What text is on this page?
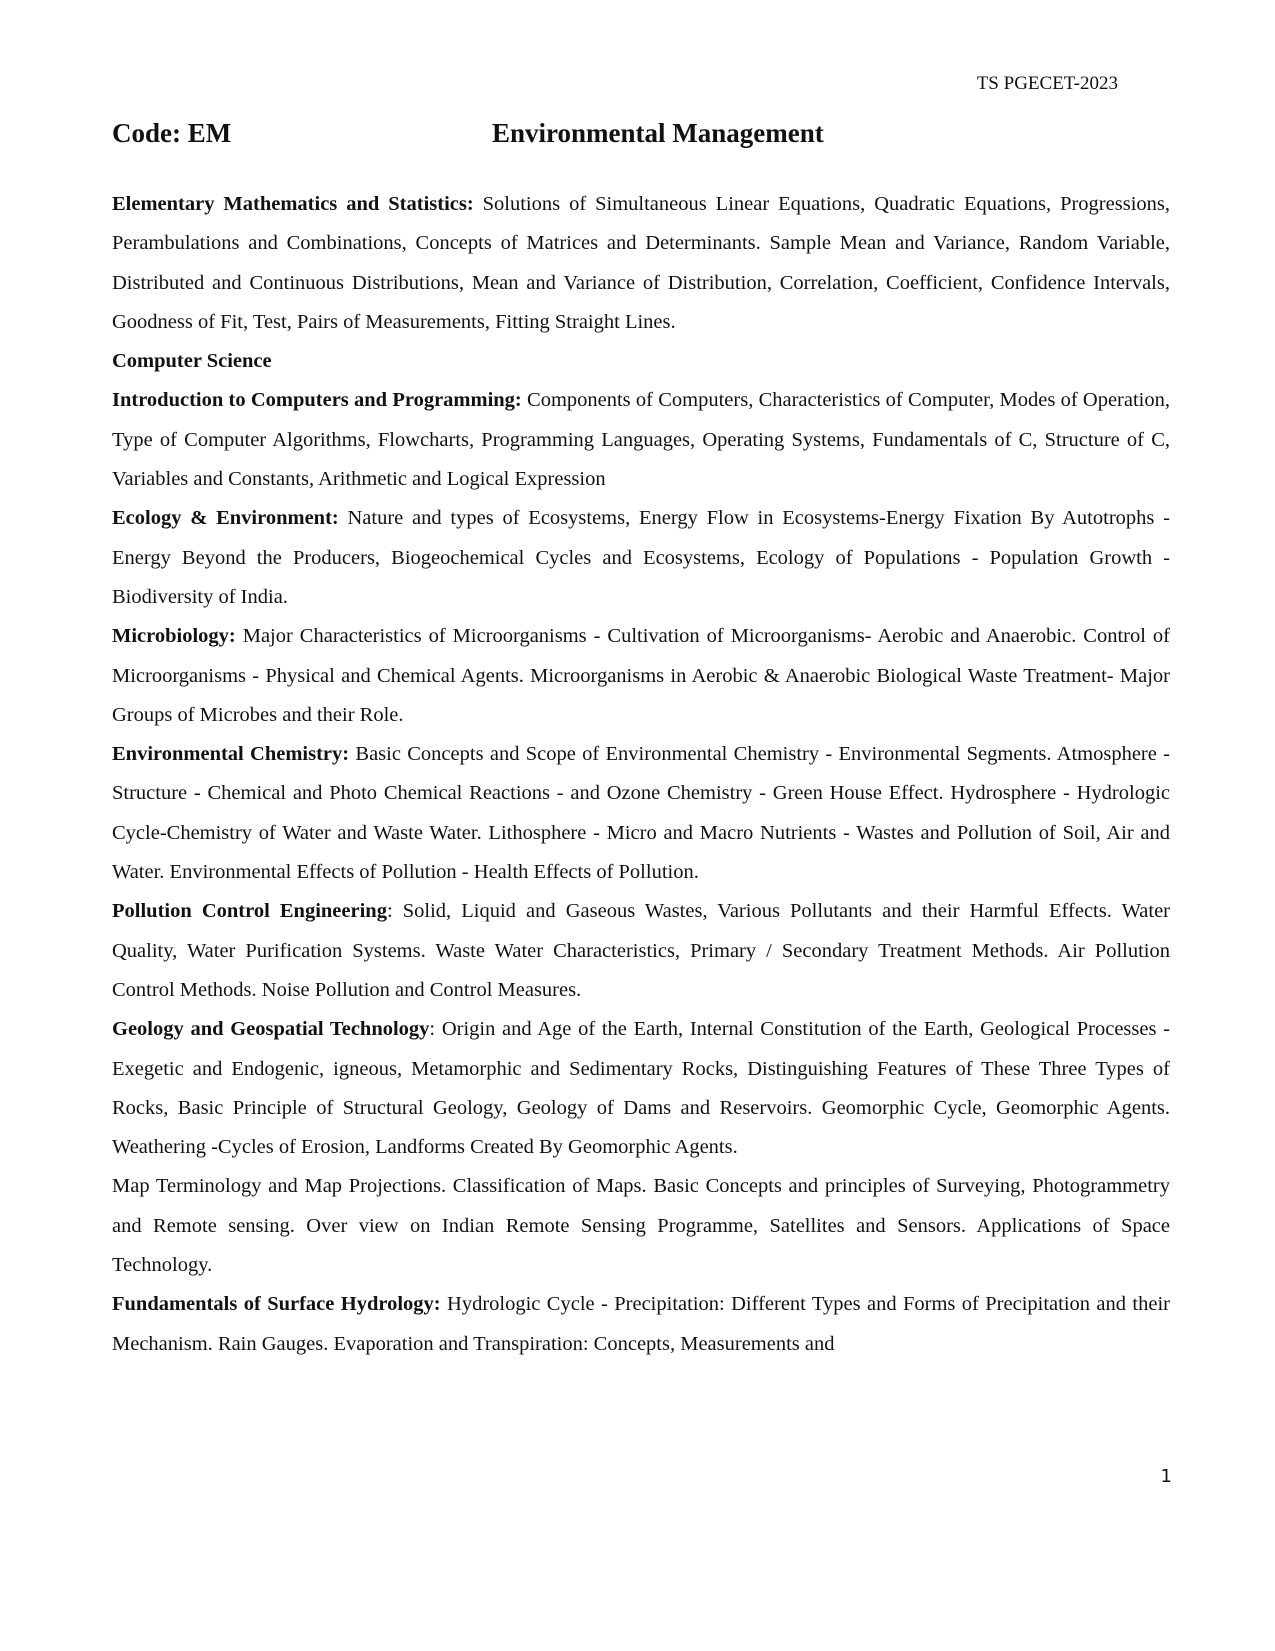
TS PGECET-2023
Code: EM	Environmental Management

Elementary Mathematics and Statistics: Solutions of Simultaneous Linear Equations, Quadratic Equations, Progressions, Perambulations and Combinations, Concepts of Matrices and Determinants. Sample Mean and Variance, Random Variable, Distributed and Continuous Distributions, Mean and Variance of Distribution, Correlation, Coefficient, Confidence Intervals, Goodness of Fit, Test, Pairs of Measurements, Fitting Straight Lines.

Computer Science

Introduction to Computers and Programming: Components of Computers, Characteristics of Computer, Modes of Operation, Type of Computer Algorithms, Flowcharts, Programming Languages, Operating Systems, Fundamentals of C, Structure of C, Variables and Constants, Arithmetic and Logical Expression

Ecology & Environment: Nature and types of Ecosystems, Energy Flow in Ecosystems-Energy Fixation By Autotrophs -Energy Beyond the Producers, Biogeochemical Cycles and Ecosystems, Ecology of Populations - Population Growth -Biodiversity of India.

Microbiology: Major Characteristics of Microorganisms - Cultivation of Microorganisms- Aerobic and Anaerobic. Control of Microorganisms - Physical and Chemical Agents. Microorganisms in Aerobic & Anaerobic Biological Waste Treatment- Major Groups of Microbes and their Role.

Environmental Chemistry: Basic Concepts and Scope of Environmental Chemistry - Environmental Segments. Atmosphere - Structure - Chemical and Photo Chemical Reactions - and Ozone Chemistry - Green House Effect. Hydrosphere - Hydrologic Cycle-Chemistry of Water and Waste Water. Lithosphere - Micro and Macro Nutrients - Wastes and Pollution of Soil, Air and Water. Environmental Effects of Pollution - Health Effects of Pollution.

Pollution Control Engineering: Solid, Liquid and Gaseous Wastes, Various Pollutants and their Harmful Effects. Water Quality, Water Purification Systems. Waste Water Characteristics, Primary / Secondary Treatment Methods. Air Pollution Control Methods. Noise Pollution and Control Measures.

Geology and Geospatial Technology: Origin and Age of the Earth, Internal Constitution of the Earth, Geological Processes - Exegetic and Endogenic, igneous, Metamorphic and Sedimentary Rocks, Distinguishing Features of These Three Types of Rocks, Basic Principle of Structural Geology, Geology of Dams and Reservoirs. Geomorphic Cycle, Geomorphic Agents. Weathering -Cycles of Erosion, Landforms Created By Geomorphic Agents.

Map Terminology and Map Projections. Classification of Maps. Basic Concepts and principles of Surveying, Photogrammetry and Remote sensing. Over view on Indian Remote Sensing Programme, Satellites and Sensors. Applications of Space Technology.

Fundamentals of Surface Hydrology: Hydrologic Cycle - Precipitation: Different Types and Forms of Precipitation and their Mechanism. Rain Gauges. Evaporation and Transpiration: Concepts, Measurements and

1
